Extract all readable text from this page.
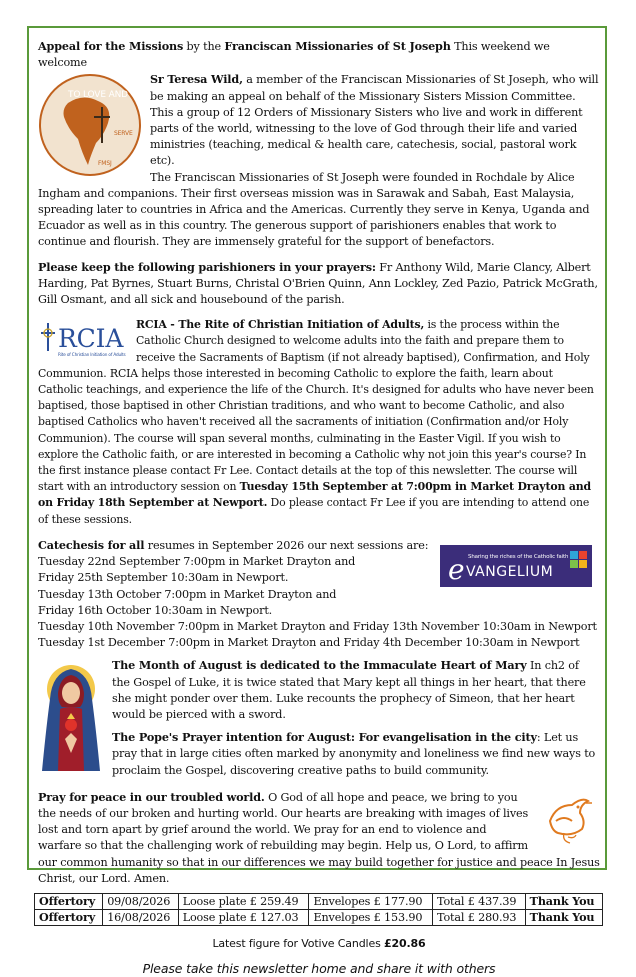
Appeal for the Missions by the Franciscan Missionaries of St Joseph This weekend we welcome

TO LOVE AND
SERVE
FMSJ
Sr Teresa Wild, a member of the Franciscan Missionaries of St Joseph, who will be making an appeal on behalf of the Missionary Sisters Mission Committee. This a group of 12 Orders of Missionary Sisters who live and work in different parts of the world, witnessing to the love of God through their life and varied ministries (teaching, medical & health care, catechesis, social, pastoral work etc).
The Franciscan Missionaries of St Joseph were founded in Rochdale by Alice Ingham and companions. Their first overseas mission was in Sarawak and Sabah, East Malaysia, spreading later to countries in Africa and the Americas. Currently they serve in Kenya, Uganda and Ecuador as well as in this country. The generous support of parishioners enables that work to continue and flourish. They are immensely grateful for the support of benefactors.

Please keep the following parishioners in your prayers: Fr Anthony Wild, Marie Clancy, Albert Harding, Pat Byrnes, Stuart Burns, Christal O'Brien Quinn, Ann Lockley, Zed Pazio, Patrick McGrath, Gill Osmant, and all sick and housebound of the parish.

RCIA
Rite of Christian Initiation of Adults
RCIA - The Rite of Christian Initiation of Adults, is the process within the Catholic Church designed to welcome adults into the faith and prepare them to receive the Sacraments of Baptism (if not already baptised), Confirmation, and Holy Communion. RCIA helps those interested in becoming Catholic to explore the faith, learn about Catholic teachings, and experience the life of the Church. It's designed for adults who have never been baptised, those baptised in other Christian traditions, and who want to become Catholic, and also baptised Catholics who haven't received all the sacraments of initiation (Confirmation and/or Holy Communion). The course will span several months, culminating in the Easter Vigil. If you wish to explore the Catholic faith, or are interested in becoming a Catholic why not join this year's course? In the first instance please contact Fr Lee. Contact details at the top of this newsletter. The course will start with an introductory session on Tuesday 15th September at 7:00pm in Market Drayton and on Friday 18th September at Newport. Do please contact Fr Lee if you are intending to attend one of these sessions.

e Sharing the riches of the Catholic faith
VANGELIUM

Catechesis for all resumes in September 2026 our next sessions are:

Tuesday 22nd September 7:00pm in Market Drayton and

Friday 25th September 10:30am in Newport.

Tuesday 13th October 7:00pm in Market Drayton and

Friday 16th October 10:30am in Newport.

Tuesday 10th November 7:00pm in Market Drayton and Friday 13th November 10:30am in Newport

Tuesday 1st December 7:00pm in Market Drayton and Friday 4th December 10:30am in Newport

The Month of August is dedicated to the Immaculate Heart of Mary In ch2 of the Gospel of Luke, it is twice stated that Mary kept all things in her heart, that there she might ponder over them. Luke recounts the prophecy of Simeon, that her heart would be pierced with a sword.

The Pope's Prayer intention for August: For evangelisation in the city: Let us pray that in large cities often marked by anonymity and loneliness we find new ways to proclaim the Gospel, discovering creative paths to build community.

Pray for peace in our troubled world. O God of all hope and peace, we bring to you the needs of our broken and hurting world. Our hearts are breaking with images of lives lost and torn apart by grief around the world. We pray for an end to violence and warfare so that the challenging work of rebuilding may begin. Help us, O Lord, to affirm our common humanity so that in our differences we may build together for justice and peace In Jesus Christ, our Lord. Amen.

Offertory	09/08/2026	Loose plate £ 259.49	Envelopes £ 177.90	Total £ 437.39	Thank You
Offertory	16/08/2026	Loose plate £ 127.03	Envelopes £ 153.90	Total £ 280.93	Thank You

Latest figure for Votive Candles £20.86

Please take this newsletter home and share it with others
